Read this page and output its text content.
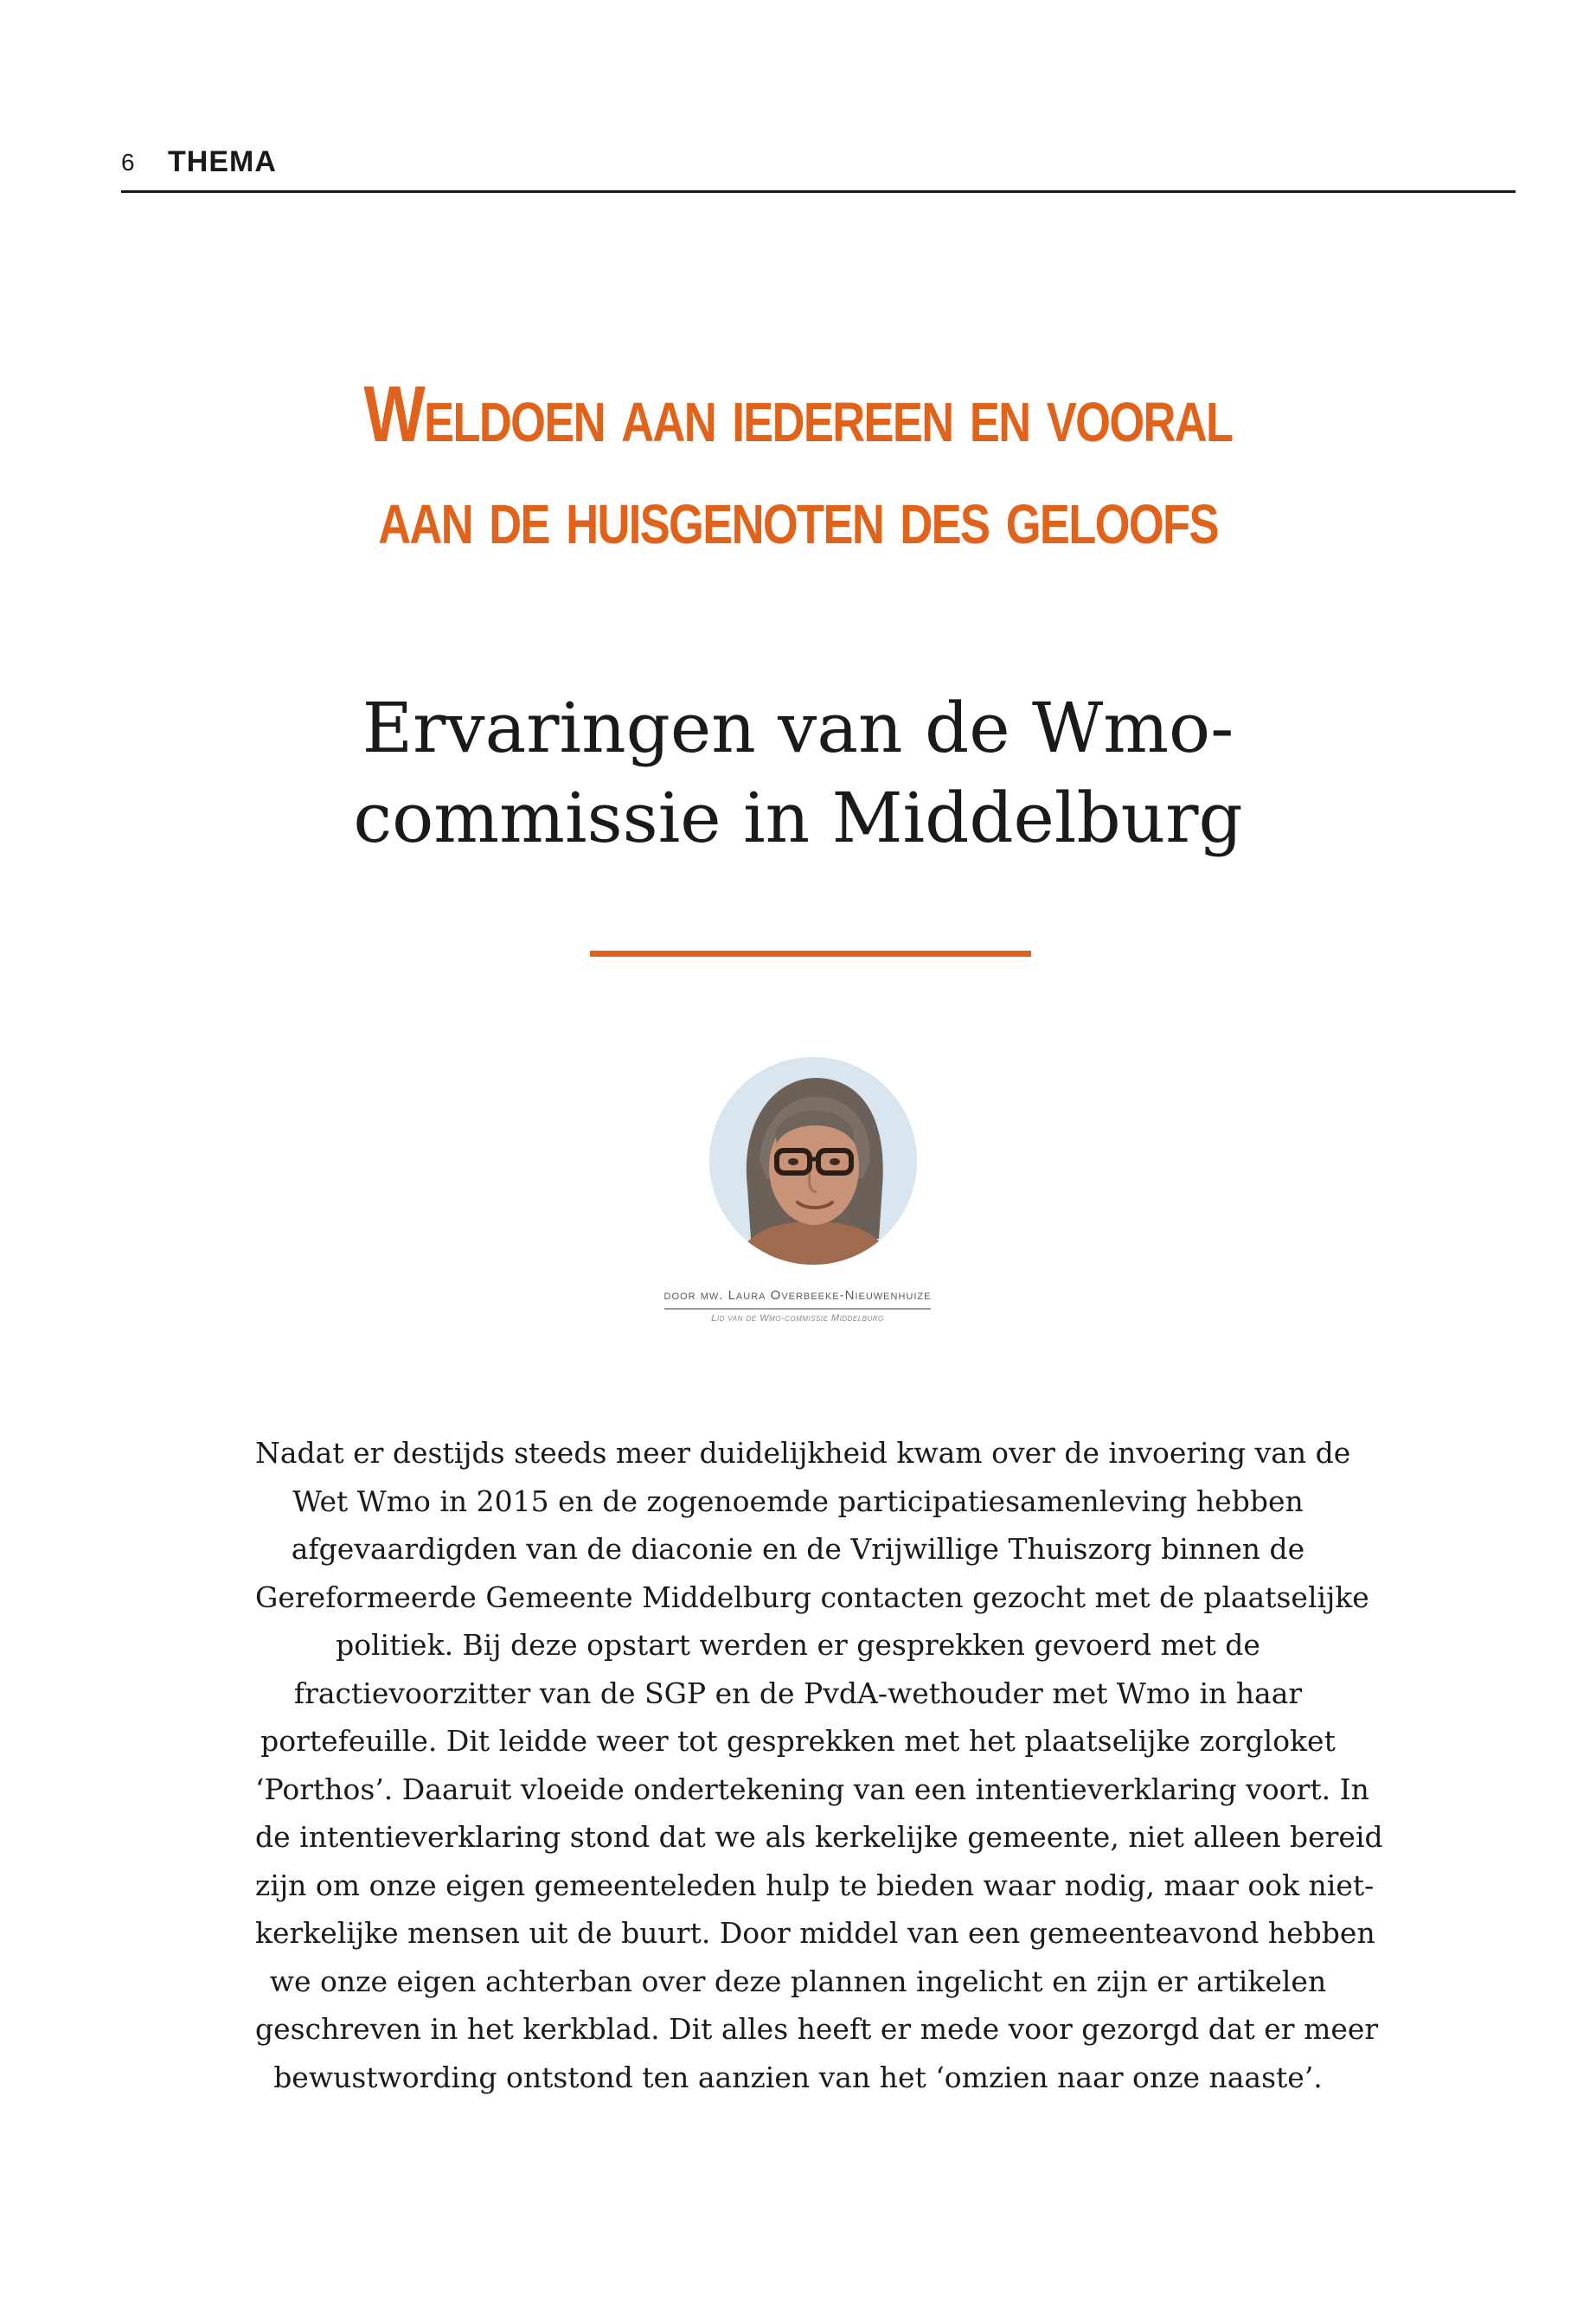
6 THEMA
Weldoen aan iedereen en vooral
aan de huisgenoten des geloofs
Ervaringen van de Wmo-
commissie in Middelburg
door mw. Laura Overbeeke-Nieuwenhuize
Lid van de Wmo-commissie Middelburg
Nadat er destijds steeds meer duidelijkheid kwam over de invoering van de
Wet Wmo in 2015 en de zogenoemde participatiesamenleving hebben
afgevaardigden van de diaconie en de Vrijwillige Thuiszorg binnen de
Gereformeerde Gemeente Middelburg contacten gezocht met de plaatselijke
politiek. Bij deze opstart werden er gesprekken gevoerd met de
fractievoorzitter van de SGP en de PvdA-wethouder met Wmo in haar
portefeuille. Dit leidde weer tot gesprekken met het plaatselijke zorgloket
‘Porthos’. Daaruit vloeide ondertekening van een intentieverklaring voort. In
de intentieverklaring stond dat we als kerkelijke gemeente, niet alleen bereid
zijn om onze eigen gemeenteleden hulp te bieden waar nodig, maar ook niet-
kerkelijke mensen uit de buurt. Door middel van een gemeenteavond hebben
we onze eigen achterban over deze plannen ingelicht en zijn er artikelen
geschreven in het kerkblad. Dit alles heeft er mede voor gezorgd dat er meer
bewustwording ontstond ten aanzien van het ‘omzien naar onze naaste’.
